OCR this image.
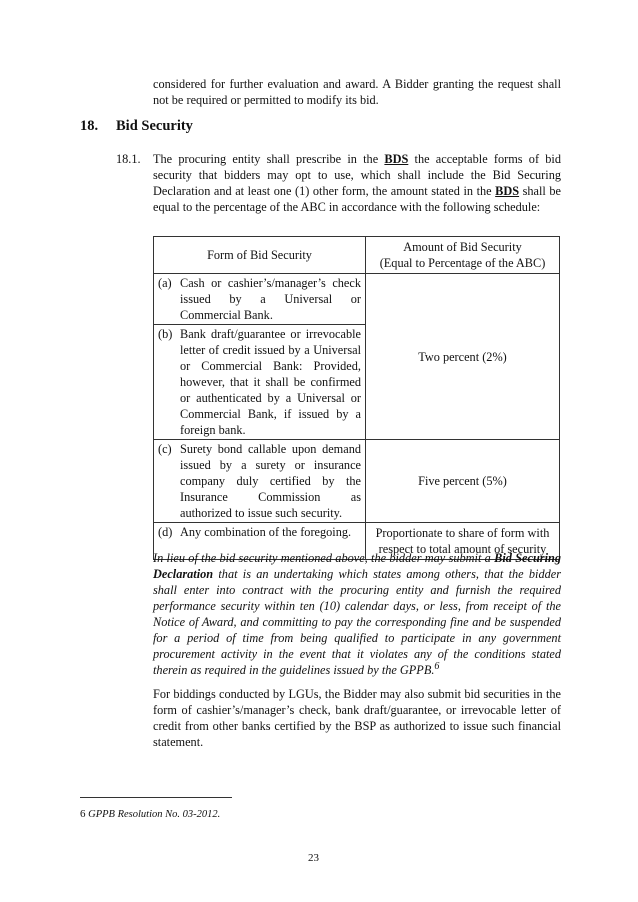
considered for further evaluation and award. A Bidder granting the request shall not be required or permitted to modify its bid.
18. Bid Security
18.1. The procuring entity shall prescribe in the BDS the acceptable forms of bid security that bidders may opt to use, which shall include the Bid Securing Declaration and at least one (1) other form, the amount stated in the BDS shall be equal to the percentage of the ABC in accordance with the following schedule:
Form of Bid Security	Amount of Bid Security
(Equal to Percentage of the ABC)

(a) Cash or cashier’s/manager’s check issued by a Universal or Commercial Bank.	Two percent (2%)

(b) Bank draft/guarantee or irrevocable letter of credit issued by a Universal or Commercial Bank: Provided, however, that it shall be confirmed or authenticated by a Universal or Commercial Bank, if issued by a foreign bank.	

(c) Surety bond callable upon demand issued by a surety or insurance company duly certified by the Insurance Commission as authorized to issue such security.	Five percent (5%)

(d) Any combination of the foregoing.	Proportionate to share of form with respect to total amount of security
In lieu of the bid security mentioned above, the bidder may submit a Bid Securing Declaration that is an undertaking which states among others, that the bidder shall enter into contract with the procuring entity and furnish the required performance security within ten (10) calendar days, or less, from receipt of the Notice of Award, and committing to pay the corresponding fine and be suspended for a period of time from being qualified to participate in any government procurement activity in the event that it violates any of the conditions stated therein as required in the guidelines issued by the GPPB.$^6$
For biddings conducted by LGUs, the Bidder may also submit bid securities in the form of cashier’s/manager’s check, bank draft/guarantee, or irrevocable letter of credit from other banks certified by the BSP as authorized to issue such financial statement.
6 GPPB Resolution No. 03-2012.
23
